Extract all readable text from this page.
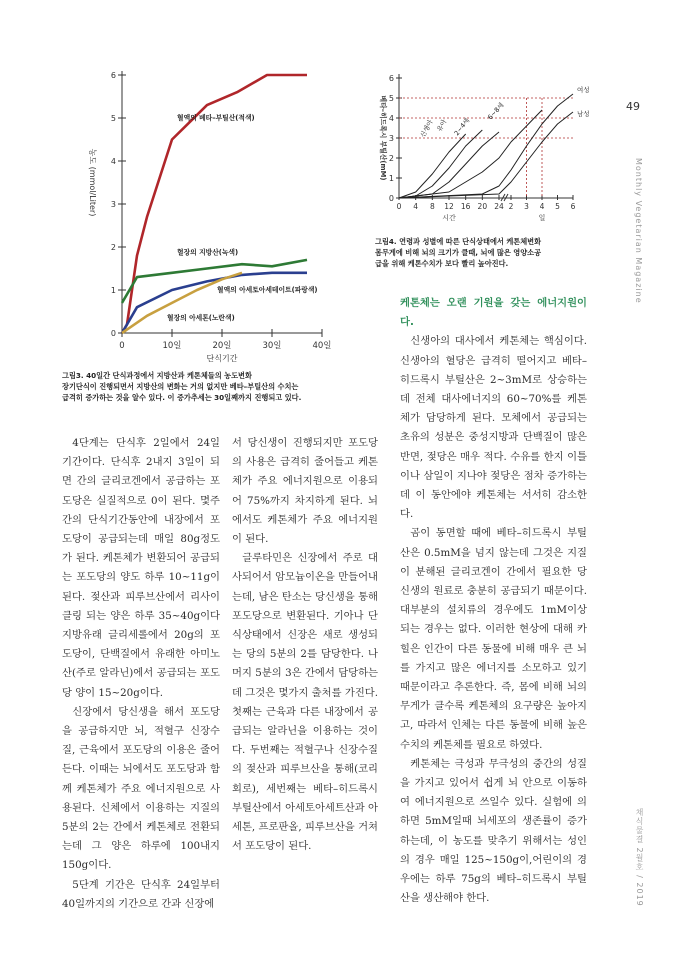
0
1
2
3
4
5
6
0	10일	20일	30일	40일
단식기간
농도 (mmol/Liter)
혈액의 베타–부틸산(적색)
혈장의 지방산(녹색)
혈액의 아세토아세테이트(파랑색)
혈장의 아세톤(노란색)
그림3. 40일간 단식과정에서 지방산과 케톤체들의 농도변화
장기단식이 진행되면서 지방산의 변화는 거의 없지만 베타–부틸산의 수치는
급격히 증가하는 것을 알수 있다. 이 증가추세는 30일째까지 진행되고 있다.
0
1
2
3
4
5
6
0 4 8 12 16 20 24 2 3 4 5 6
시간	일
베타–히드록시 부틸산(mM)	신생아 유아 2~4세
6~8세
여성
남성
그림4. 연령과 성별에 따른 단식상태에서 케톤체변화
몸무게에 비해 뇌의 크기가 클때, 뇌에 많은 영양소공
급을 위해 케톤수치가 보다 빨리 높아진다.

4단계는 단식후 2일에서 24일 기간이다. 단식후 2내지 3일이 되면 간의 글리코겐에서 공급하는 포도당은 실질적으로 0이 된다. 몇주간의 단식기간동안에 내장에서 포도당이 공급되는데 매일 80g정도가 된다. 케톤체가 변환되어 공급되는 포도당의 양도 하루 10~11g이 된다. 젖산과 피루브산에서 리사이클링 되는 양은 하루 35~40g이다 지방유래 글리세롤에서 20g의 포도당이, 단백질에서 유래한 아미노산(주로 알라닌)에서 공급되는 포도당 양이 15~20g이다.

신장에서 당신생을 해서 포도당을 공급하지만 뇌, 적혈구 신장수질, 근육에서 포도당의 이용은 줄어든다. 이때는 뇌에서도 포도당과 함께 케톤체가 주요 에너지원으로 사용된다. 신체에서 이용하는 지질의 5분의 2는 간에서 케톤체로 전환되는데 그 양은 하루에 100내지 150g이다.

5단계 기간은 단식후 24일부터 40일까지의 기간으로 간과 신장에

서 당신생이 진행되지만 포도당의 사용은 급격히 줄어들고 케톤체가 주요 에너지원으로 이용되어 75%까지 차지하게 된다. 뇌에서도 케톤체가 주요 에너지원이 된다.

글루타민은 신장에서 주로 대사되어서 암모늄이온을 만들어내는데, 남은 탄소는 당신생을 통해 포도당으로 변환된다. 기아나 단식상태에서 신장은 새로 생성되는 당의 5분의 2를 담당한다. 나머지 5분의 3은 간에서 담당하는데 그것은 몇가지 출처를 가진다. 첫째는 근육과 다른 내장에서 공급되는 알라닌을 이용하는 것이다. 두번째는 적혈구나 신장수질의 젖산과 피루브산을 통해(코리회로), 세번째는 베타–히드록시 부틸산에서 아세토아세트산과 아세톤, 프로판올, 피루브산을 거쳐서 포도당이 된다.

케톤체는 오랜 기원을 갖는 에너지원이다.

신생아의 대사에서 케톤체는 핵심이다. 신생아의 혈당은 급격히 떨어지고 베타–히드록시 부틸산은 2~3mM로 상승하는데 전체 대사에너지의 60~70%를 케톤체가 담당하게 된다. 모체에서 공급되는 초유의 성분은 중성지방과 단백질이 많은 반면, 젖당은 매우 적다. 수유를 한지 이틀이나 삼일이 지나야 젖당은 점차 증가하는데 이 동안에야 케톤체는 서서히 감소한다.

곰이 동면할 때에 베타–히드록시 부틸산은 0.5mM을 넘지 않는데 그것은 지질이 분해된 글리코겐이 간에서 필요한 당 신생의 원료로 충분히 공급되기 때문이다. 대부분의 설치류의 경우에도 1mM이상 되는 경우는 없다. 이러한 현상에 대해 카힐은 인간이 다른 동물에 비해 매우 큰 뇌를 가지고 많은 에너지를 소모하고 있기 때문이라고 추론한다. 즉, 몸에 비해 뇌의 무게가 클수록 케톤체의 요구량은 높아지고, 따라서 인체는 다른 동물에 비해 높은 수치의 케톤체를 필요로 하였다.

케톤체는 극성과 무극성의 중간의 성질을 가지고 있어서 쉽게 뇌 안으로 이동하여 에너지원으로 쓰일수 있다. 실험에 의하면 5mM일때 뇌세포의 생존률이 증가하는데, 이 농도를 맞추기 위해서는 성인의 경우 매일 125~150g이,어린이의 경우에는 하루 75g의 베타–히드록시 부틸산을 생산해야 한다.

49
Monthly Vegetarian Magazine
채식물결 2월호 / 2019
